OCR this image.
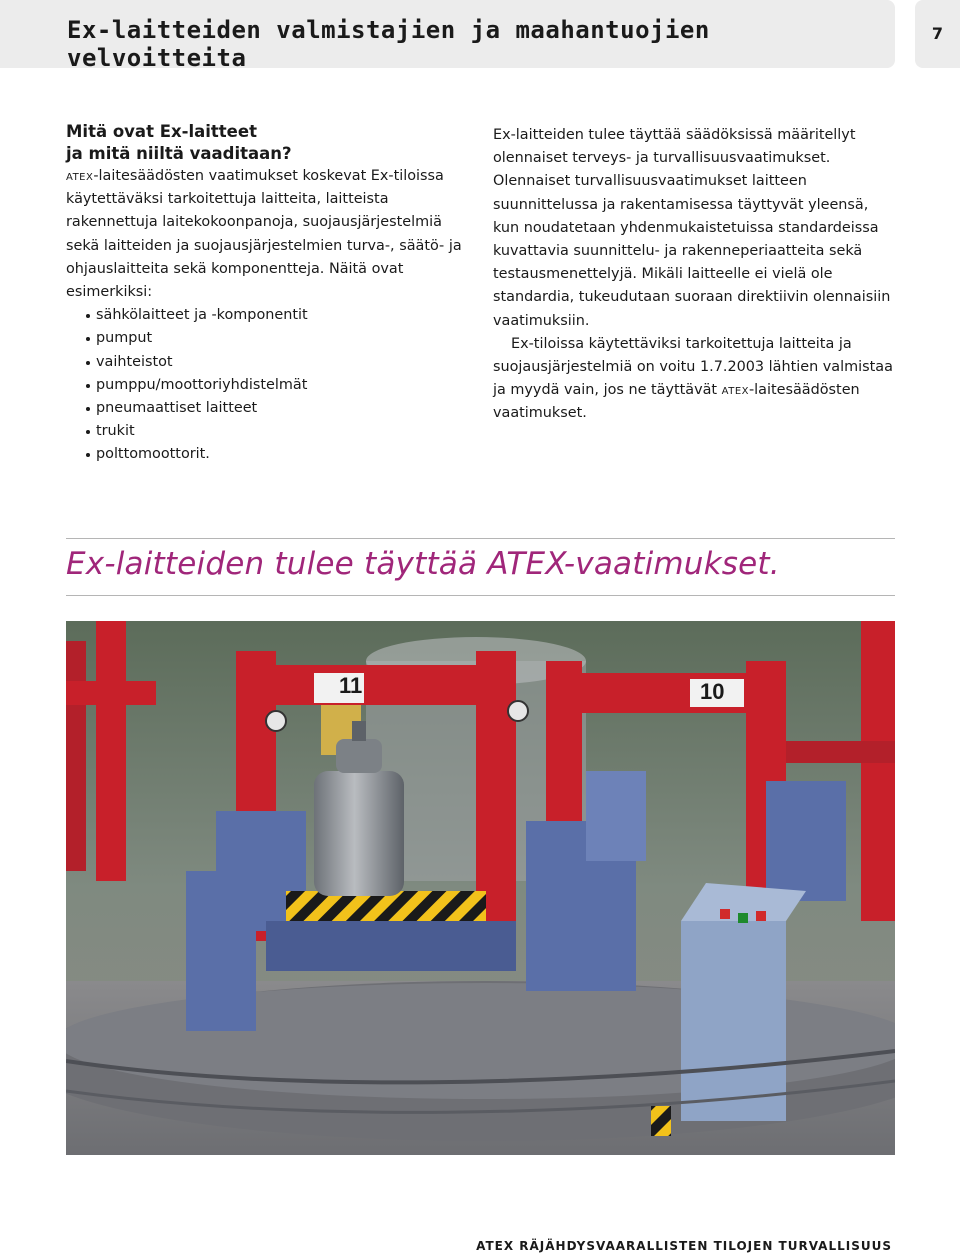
Ex-laitteiden valmistajien ja maahantuojien velvoitteita
7
Mitä ovat Ex-laitteet
ja mitä niiltä vaaditaan?

atex-laitesäädösten vaatimukset koskevat Ex-tiloissa käytettäväksi tarkoitettuja laitteita, laitteista rakennettuja laitekokoonpanoja, suojausjärjestelmiä sekä laitteiden ja suojausjärjestelmien turva-, säätö- ja ohjauslaitteita sekä komponentteja. Näitä ovat esimerkiksi:

sähkölaitteet ja -komponentit
pumput
vaihteistot
pumppu/moottoriyhdistelmät
pneumaattiset laitteet
trukit
polttomoottorit.

Ex-laitteiden tulee täyttää säädöksissä määritellyt olennaiset terveys- ja turvallisuusvaatimukset. Olennaiset turvallisuusvaatimukset laitteen suunnittelussa ja rakentamisessa täyttyvät yleensä, kun noudatetaan yhdenmukaistetuissa standardeissa kuvattavia suunnittelu- ja rakenneperiaatteita sekä testausmenettelyjä. Mikäli laitteelle ei vielä ole standardia, tukeudutaan suoraan direktiivin olennaisiin vaatimuksiin.

Ex-tiloissa käytettäviksi tarkoitettuja laitteita ja suojausjärjestelmiä on voitu 1.7.2003 lähtien valmistaa ja myydä vain, jos ne täyttävät atex-laitesäädösten vaatimukset.

Ex-laitteiden tulee täyttää ATEX-vaatimukset.
11	10
ATEX RÄJÄHDYSVAARALLISTEN TILOJEN TURVALLISUUS
